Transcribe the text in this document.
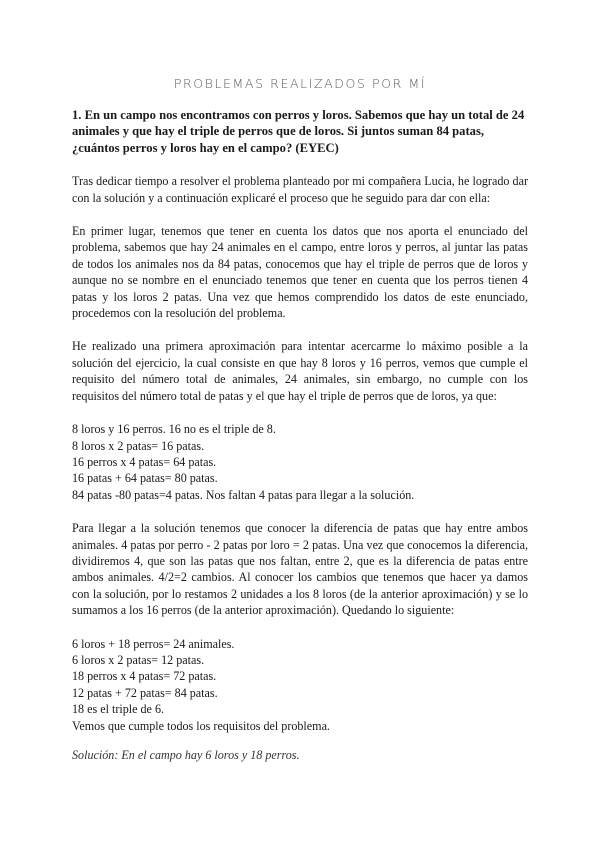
PROBLEMAS REALIZADOS POR MÍ

1. En un campo nos encontramos con perros y loros. Sabemos que hay un total de 24 animales y que hay el triple de perros que de loros. Si juntos suman 84 patas, ¿cuántos perros y loros hay en el campo? (EYEC)

Tras dedicar tiempo a resolver el problema planteado por mi compañera Lucia, he logrado dar con la solución y a continuación explicaré el proceso que he seguido para dar con ella:

En primer lugar, tenemos que tener en cuenta los datos que nos aporta el enunciado del problema, sabemos que hay 24 animales en el campo, entre loros y perros, al juntar las patas de todos los animales nos da 84 patas, conocemos que hay el triple de perros que de loros y aunque no se nombre en el enunciado tenemos que tener en cuenta que los perros tienen 4 patas y los loros 2 patas. Una vez que hemos comprendido los datos de este enunciado, procedemos con la resolución del problema.

He realizado una primera aproximación para intentar acercarme lo máximo posible a la solución del ejercicio, la cual consiste en que hay 8 loros y 16 perros, vemos que cumple el requisito del número total de animales, 24 animales, sin embargo, no cumple con los requisitos del número total de patas y el que hay el triple de perros que de loros, ya que:

8 loros y 16 perros. 16 no es el triple de 8.
8 loros x 2 patas= 16 patas.
16 perros x 4 patas= 64 patas.
16 patas + 64 patas= 80 patas.
84 patas -80 patas=4 patas. Nos faltan 4 patas para llegar a la solución.

Para llegar a la solución tenemos que conocer la diferencia de patas que hay entre ambos animales. 4 patas por perro - 2 patas por loro = 2 patas. Una vez que conocemos la diferencia, dividiremos 4, que son las patas que nos faltan, entre 2, que es la diferencia de patas entre ambos animales. 4/2=2 cambios. Al conocer los cambios que tenemos que hacer ya damos con la solución, por lo restamos 2 unidades a los 8 loros (de la anterior aproximación) y se lo sumamos a los 16 perros (de la anterior aproximación). Quedando lo siguiente:

6 loros + 18 perros= 24 animales.
6 loros x 2 patas= 12 patas.
18 perros x 4 patas= 72 patas.
12 patas + 72 patas= 84 patas.
18 es el triple de 6.
Vemos que cumple todos los requisitos del problema.

Solución: En el campo hay 6 loros y 18 perros.
